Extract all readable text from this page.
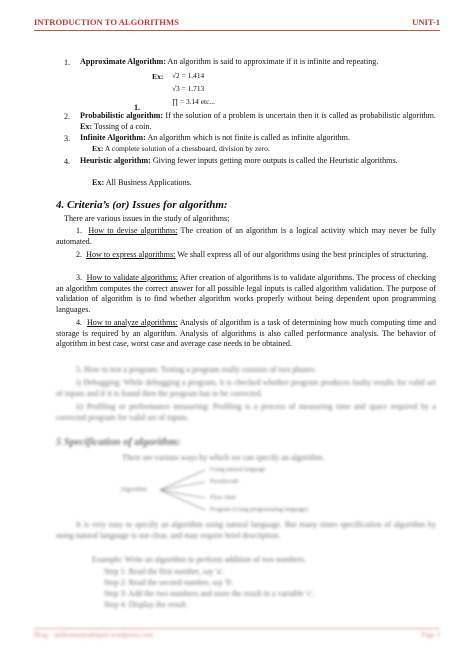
INTRODUCTION TO ALGORITHMS	UNIT-1
1. Approximate Algorithm: An algorithm is said to approximate if it is infinite and repeating.
Ex: √2 = 1.414
√3 = 1.713
∏ = 3.14 etc...
1.
2. Probabilistic algorithm: If the solution of a problem is uncertain then it is called as probabilistic algorithm. Ex: Tossing of a coin.
3. Infinite Algorithm: An algorithm which is not finite is called as infinite algorithm.
Ex: A complete solution of a chessboard, division by zero.
4. Heuristic algorithm: Giving fewer inputs getting more outputs is called the Heuristic algorithms.
Ex: All Business Applications.
4. Criteria’s (or) Issues for algorithm:
There are various issues in the study of algorithms;
1. How to devise algorithms: The creation of an algorithm is a logical activity which may never be fully automated.
2. How to express algorithms: We shall express all of our algorithms using the best principles of structuring.
3. How to validate algorithms: After creation of algorithms is to validate algorithms. The process of checking an algorithm computes the correct answer for all possible legal inputs is called algorithm validation. The purpose of validation of algorithm is to find whether algorithm works properly without being dependent upon programming languages.
4. How to analyze algorithms: Analysis of algorithm is a task of determining how much computing time and storage is required by an algorithm. Analysis of algorithms is also called performance analysis. The behavior of algorithm in best case, worst case and average case needs to be obtained.
5. How to test a program: Testing a program really consists of two phases:
i) Debugging: While debugging a program, it is checked whether program produces faulty results for valid set of inputs and if it is found then the program has to be corrected.
ii) Profiling or performance measuring: Profiling is a process of measuring time and space required by a corrected program for valid set of inputs.
5 Specification of algorithm:
There are various ways by which we can specify an algorithm.
Algorithm
Using natural language
Pseudocode
Flow chart
Program (Using programming language)
It is very easy to specify an algorithm using natural language. But many times specification of algorithm by using natural language is not clear, and may require brief description.
Example: Write an algorithm to perform addition of two numbers.
Step 1: Read the first number, say 'a'.
Step 2: Read the second number, say 'b'.
Step 3: Add the two numbers and store the result in a variable 'c'.
Step 4: Display the result.
Blog - anilkumarprathipati.wordpress.com	Page 3
